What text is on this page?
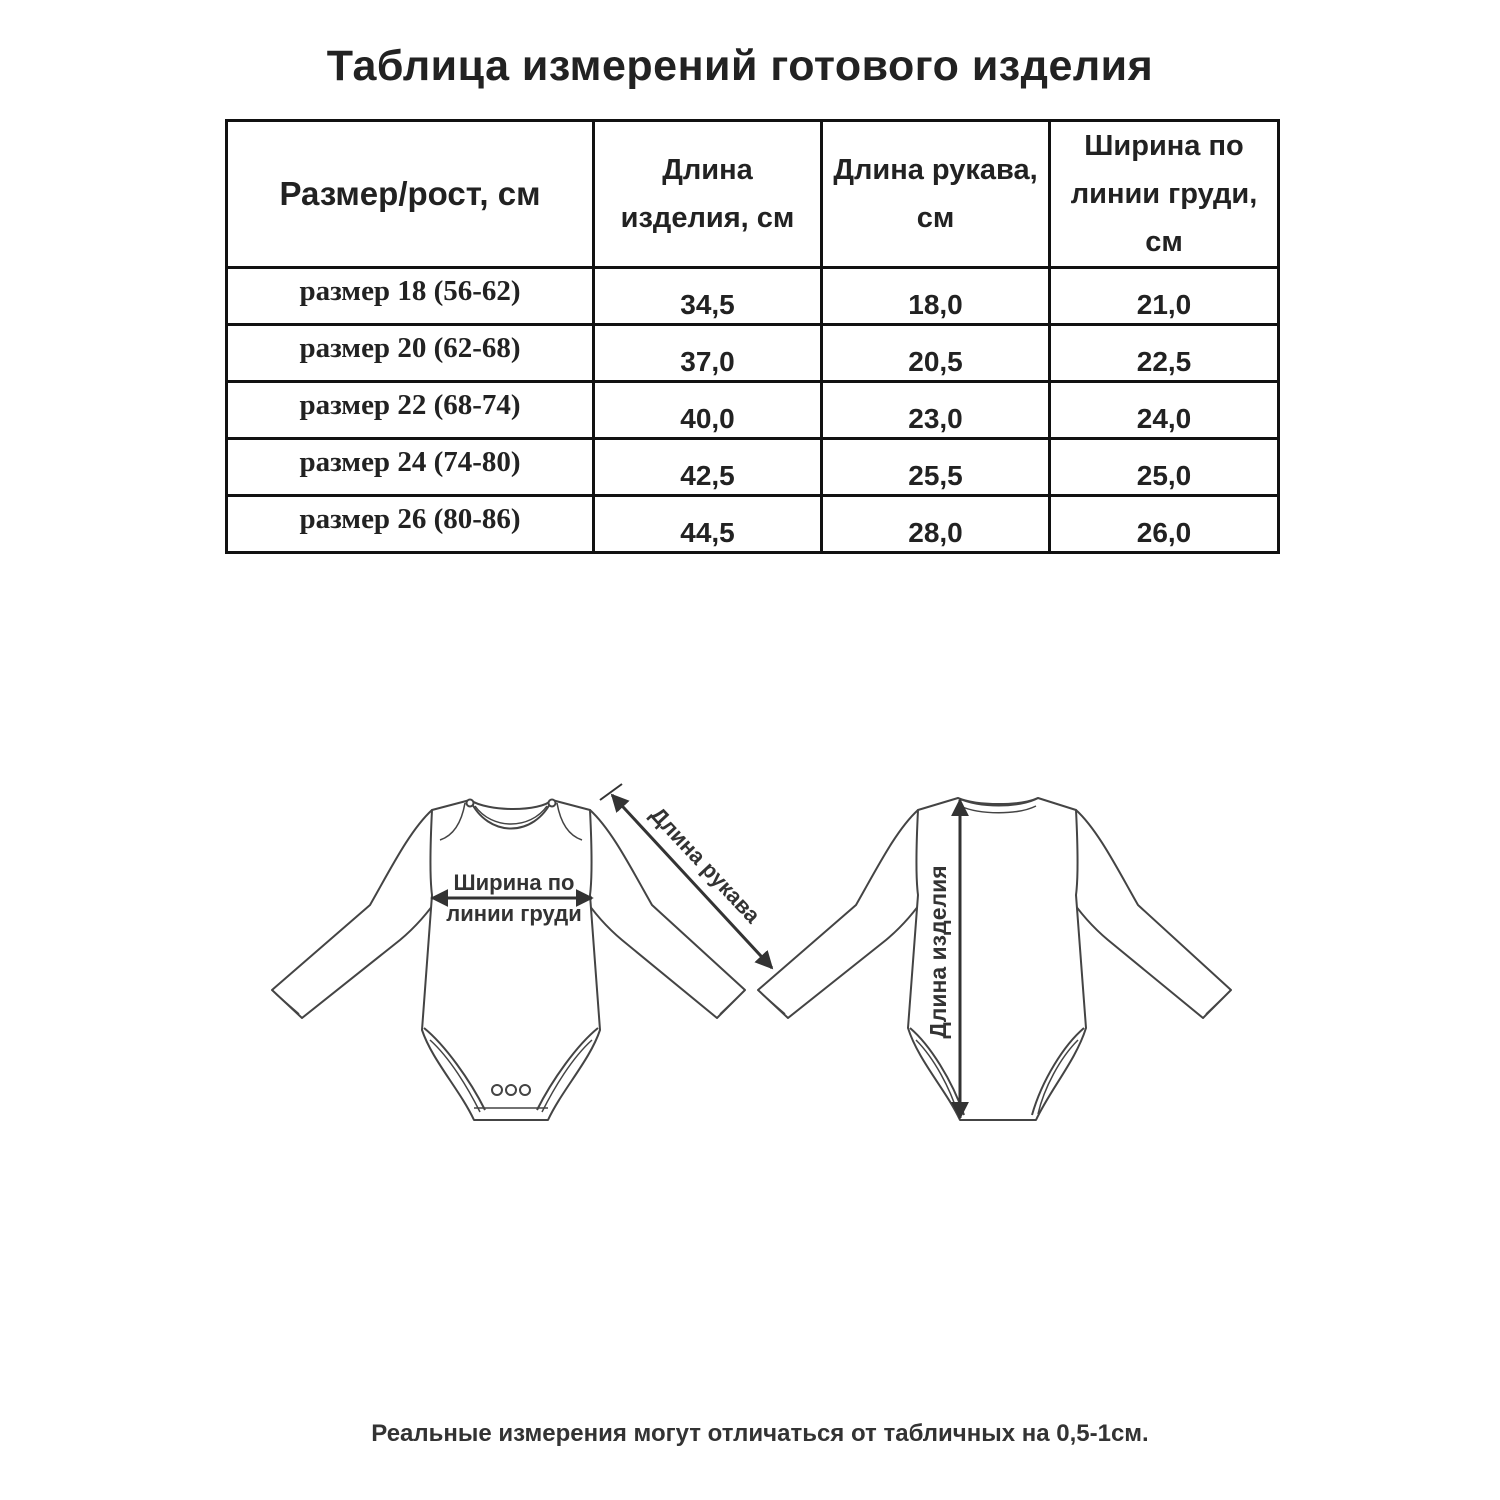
Таблица измерений готового изделия
Размер/рост, см	Длина изделия, см	Длина рукава, см	Ширина по линии груди, см
размер 18 (56-62)	34,5	18,0	21,0
размер 20 (62-68)	37,0	20,5	22,5
размер 22 (68-74)	40,0	23,0	24,0
размер 24 (74-80)	42,5	25,5	25,0
размер 26 (80-86)	44,5	28,0	26,0
Ширина по
линии груди	Длина рукава
Длина изделия
Реальные измерения могут отличаться от табличных на 0,5-1см.
